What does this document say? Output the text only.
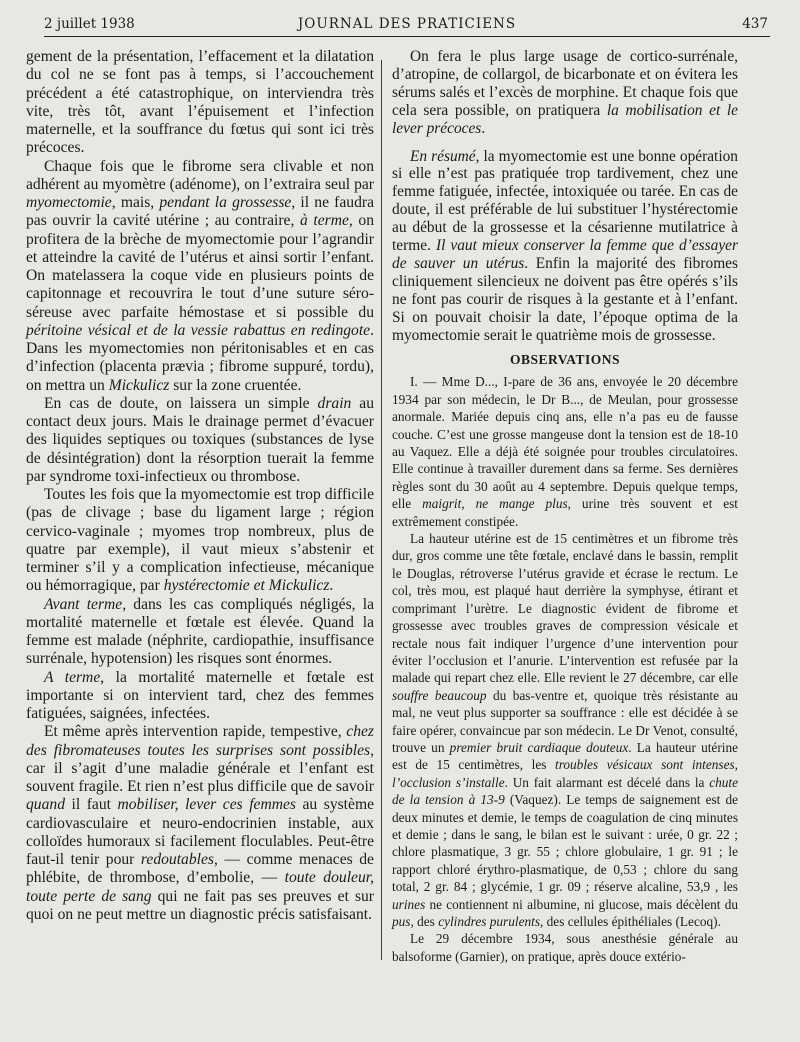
2 juillet 1938	JOURNAL DES PRATICIENS	437

gement de la présentation, l’effacement et la dilatation du col ne se font pas à temps, si l’accouchement précédent a été catastrophique, on interviendra très vite, très tôt, avant l’épuisement et l’infection maternelle, et la souffrance du fœtus qui sont ici très précoces.

Chaque fois que le fibrome sera clivable et non adhérent au myomètre (adénome), on l’extraira seul par myomectomie, mais, pendant la grossesse, il ne faudra pas ouvrir la cavité utérine ; au contraire, à terme, on profitera de la brèche de myomectomie pour l’agrandir et atteindre la cavité de l’utérus et ainsi sortir l’enfant. On matelassera la coque vide en plusieurs points de capitonnage et recouvrira le tout d’une suture séro-séreuse avec parfaite hémostase et si possible du péritoine vésical et de la vessie rabattus en redingote. Dans les myomectomies non péritonisables et en cas d’infection (placenta prævia ; fibrome suppuré, tordu), on mettra un Mickulicz sur la zone cruentée.

En cas de doute, on laissera un simple drain au contact deux jours. Mais le drainage permet d’évacuer des liquides septiques ou toxiques (substances de lyse de désintégration) dont la résorption tuerait la femme par syndrome toxi-infectieux ou thrombose.

Toutes les fois que la myomectomie est trop difficile (pas de clivage ; base du ligament large ; région cervico-vaginale ; myomes trop nombreux, plus de quatre par exemple), il vaut mieux s’abstenir et terminer s’il y a complication infectieuse, mécanique ou hémorragique, par hystérectomie et Mickulicz.

Avant terme, dans les cas compliqués négligés, la mortalité maternelle et fœtale est élevée. Quand la femme est malade (néphrite, cardiopathie, insuffisance surrénale, hypotension) les risques sont énormes.

A terme, la mortalité maternelle et fœtale est importante si on intervient tard, chez des femmes fatiguées, saignées, infectées.

Et même après intervention rapide, tempestive, chez des fibromateuses toutes les surprises sont possibles, car il s’agit d’une maladie générale et l’enfant est souvent fragile. Et rien n’est plus difficile que de savoir quand il faut mobiliser, lever ces femmes au système cardiovasculaire et neuro-endocrinien instable, aux colloïdes humoraux si facilement floculables. Peut-être faut-il tenir pour redoutables, — comme menaces de phlébite, de thrombose, d’embolie, — toute douleur, toute perte de sang qui ne fait pas ses preuves et sur quoi on ne peut mettre un diagnostic précis satisfaisant.

On fera le plus large usage de cortico-surrénale, d’atropine, de collargol, de bicarbonate et on évitera les sérums salés et l’excès de morphine. Et chaque fois que cela sera possible, on pratiquera la mobilisation et le lever précoces.

En résumé, la myomectomie est une bonne opération si elle n’est pas pratiquée trop tardivement, chez une femme fatiguée, infectée, intoxiquée ou tarée. En cas de doute, il est préférable de lui substituer l’hystérectomie au début de la grossesse et la césarienne mutilatrice à terme. Il vaut mieux conserver la femme que d’essayer de sauver un utérus. Enfin la majorité des fibromes cliniquement silencieux ne doivent pas être opérés s’ils ne font pas courir de risques à la gestante et à l’enfant. Si on pouvait choisir la date, l’époque optima de la myomectomie serait le quatrième mois de grossesse.

OBSERVATIONS

I. — Mme D..., I-pare de 36 ans, envoyée le 20 décembre 1934 par son médecin, le Dr B..., de Meulan, pour grossesse anormale. Mariée depuis cinq ans, elle n’a pas eu de fausse couche. C’est une grosse mangeuse dont la tension est de 18-10 au Vaquez. Elle a déjà été soignée pour troubles circulatoires. Elle continue à travailler durement dans sa ferme. Ses dernières règles sont du 30 août au 4 septembre. Depuis quelque temps, elle maigrit, ne mange plus, urine très souvent et est extrêmement constipée.

La hauteur utérine est de 15 centimètres et un fibrome très dur, gros comme une tête fœtale, enclavé dans le bassin, remplit le Douglas, rétroverse l’utérus gravide et écrase le rectum. Le col, très mou, est plaqué haut derrière la symphyse, étirant et comprimant l’urètre. Le diagnostic évident de fibrome et grossesse avec troubles graves de compression vésicale et rectale nous fait indiquer l’urgence d’une intervention pour éviter l’occlusion et l’anurie. L’intervention est refusée par la malade qui repart chez elle. Elle revient le 27 décembre, car elle souffre beaucoup du bas-ventre et, quoique très résistante au mal, ne veut plus supporter sa souffrance : elle est décidée à se faire opérer, convaincue par son médecin. Le Dr Venot, consulté, trouve un premier bruit cardiaque douteux. La hauteur utérine est de 15 centimètres, les troubles vésicaux sont intenses, l’occlusion s’installe. Un fait alarmant est décelé dans la chute de la tension à 13-9 (Vaquez). Le temps de saignement est de deux minutes et demie, le temps de coagulation de cinq minutes et demie ; dans le sang, le bilan est le suivant : urée, 0 gr. 22 ; chlore plasmatique, 3 gr. 55 ; chlore globulaire, 1 gr. 91 ; le rapport chloré érythro-plasmatique, de 0,53 ; chlore du sang total, 2 gr. 84 ; glycémie, 1 gr. 09 ; réserve alcaline, 53,9 , les urines ne contiennent ni albumine, ni glucose, mais décèlent du pus, des cylindres purulents, des cellules épithéliales (Lecoq).

Le 29 décembre 1934, sous anesthésie générale au balsoforme (Garnier), on pratique, après douce extério-
